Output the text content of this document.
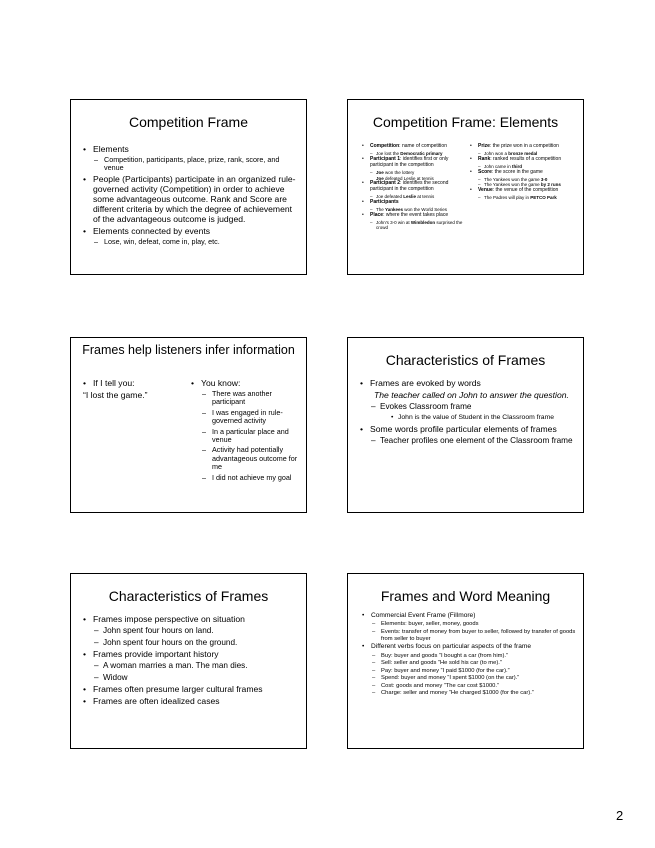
Competition Frame
• Elements
– Competition, participants, place, prize, rank, score, and venue
• People (Participants) participate in an organized rule-governed activity (Competition) in order to achieve some advantageous outcome. Rank and Score are different criteria by which the degree of achievement of the advantageous outcome is judged.
• Elements connected by events
– Lose, win, defeat, come in, play, etc.
Competition Frame: Elements
• Competition: name of competition
– Joe lost the Democratic primary
• Participant 1: identifies first or only participant in the competition
– Joe won the lottery
Joe defeated Leslie at tennis
• Participant 2: identifies the second participant in the competition
– Joe defeated Leslie at tennis
• Participants
– The Yankees won the World Series
• Place: where the event takes place
– John's 3-0 win at Wimbledon surprised the crowd
• Prize: the prize won in a competition
– John won a bronze medal
• Rank: ranked results of a competition
– John came in third
• Score: the score in the game
– The Yankees won the game 3-0
– The Yankees won the game by 2 runs
• Venue: the venue of the competition
– The Padres will play in PETCO Park
Frames help listeners infer information
• If I tell you:
“I lost the game.”
• You know:
– There was another participant
– I was engaged in rule-governed activity
– In a particular place and venue
– Activity had potentially advantageous outcome for me
– I did not achieve my goal
Characteristics of Frames
• Frames are evoked by words
The teacher called on John to answer the question.
– Evokes Classroom frame
• John is the value of Student in the Classroom frame
• Some words profile particular elements of frames
– Teacher profiles one element of the Classroom frame
Characteristics of Frames
• Frames impose perspective on situation
– John spent four hours on land.
– John spent four hours on the ground.
• Frames provide important history
– A woman marries a man. The man dies.
– Widow
• Frames often presume larger cultural frames
• Frames are often idealized cases
Frames and Word Meaning
• Commercial Event Frame (Fillmore)
– Elements: buyer, seller, money, goods
– Events: transfer of money from buyer to seller, followed by transfer of goods from seller to buyer
• Different verbs focus on particular aspects of the frame
– Buy: buyer and goods “I bought a car (from him).”
– Sell: seller and goods “He sold his car (to me).”
– Pay: buyer and money “I paid $1000 (for the car).”
– Spend: buyer and money “I spent $1000 (on the car).”
– Cost: goods and money “The car cost $1000.”
– Charge: seller and money “He charged $1000 (for the car).”
2
